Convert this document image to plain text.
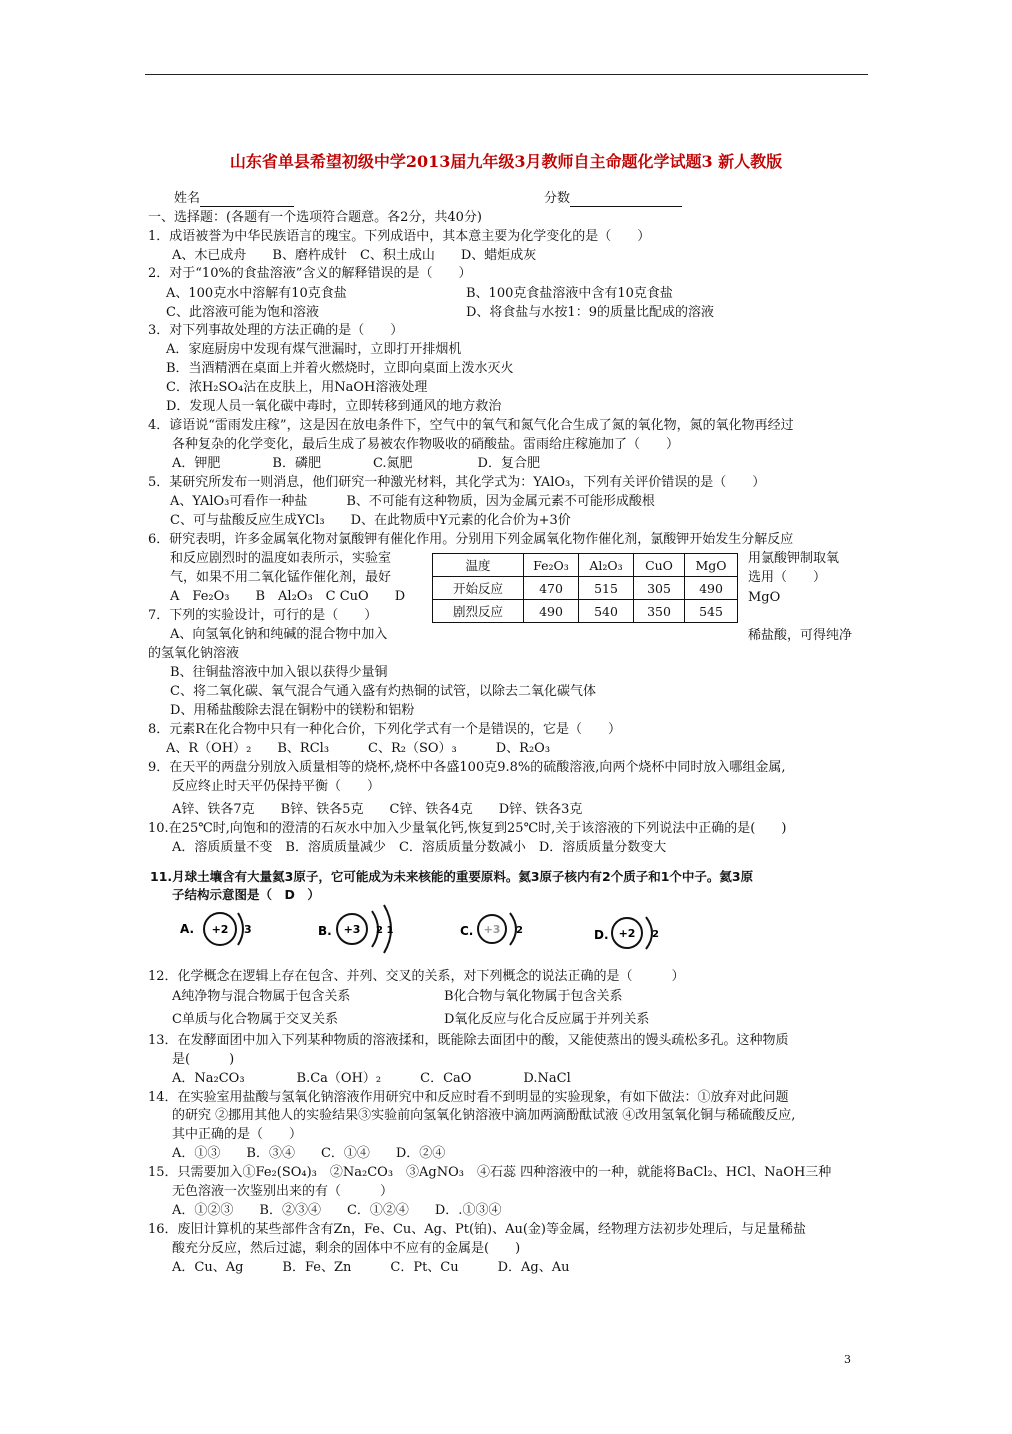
山东省单县希望初级中学2013届九年级3月教师自主命题化学试题3 新人教版
姓名	分数
一、选择题：(各题有一个选项符合题意。各2分，共40分)
1．成语被誉为中华民族语言的瑰宝。下列成语中，其本意主要为化学变化的是（　　）
A、木已成舟　　B、磨杵成针　C、积土成山　　D、蜡炬成灰
2．对于“10%的食盐溶液”含义的解释错误的是（　　）
A、100克水中溶解有10克食盐	B、100克食盐溶液中含有10克食盐
C、此溶液可能为饱和溶液	D、将食盐与水按1：9的质量比配成的溶液
3．对下列事故处理的方法正确的是（　　）
A．家庭厨房中发现有煤气泄漏时，立即打开排烟机
B．当酒精洒在桌面上并着火燃烧时，立即向桌面上泼水灭火
C．浓H₂SO₄沾在皮肤上，用NaOH溶液处理
D．发现人员一氧化碳中毒时，立即转移到通风的地方救治
4．谚语说“雷雨发庄稼”，这是因在放电条件下，空气中的氧气和氮气化合生成了氮的氧化物，氮的氧化物再经过
各种复杂的化学变化，最后生成了易被农作物吸收的硝酸盐。雷雨给庄稼施加了（　　）
A．钾肥　　　　B．磷肥　　　　C.氮肥　　　　　D．复合肥
5．某研究所发布一则消息，他们研究一种激光材料，其化学式为：YAlO₃，下列有关评价错误的是（　　）
A、YAlO₃可看作一种盐　　　B、不可能有这种物质，因为金属元素不可能形成酸根
C、可与盐酸反应生成YCl₃　　D、在此物质中Y元素的化合价为+3价
6．研究表明，许多金属氧化物对氯酸钾有催化作用。分别用下列金属氧化物作催化剂，氯酸钾开始发生分解反应
和反应剧烈时的温度如表所示，实验室	用氯酸钾制取氧
气，如果不用二氧化锰作催化剂，最好	选用（　　）
A　Fe₂O₃　　B　Al₂O₃　C CuO　　D	MgO
温度	Fe₂O₃	Al₂O₃	CuO	MgO
开始反应	470	515	305	490
剧烈反应	490	540	350	545
7．下列的实验设计，可行的是（　　）
A、向氢氧化钠和纯碱的混合物中加入	稀盐酸，可得纯净
的氢氧化钠溶液
B、往铜盐溶液中加入银以获得少量铜
C、将二氧化碳、氧气混合气通入盛有灼热铜的试管，以除去二氧化碳气体
D、用稀盐酸除去混在铜粉中的镁粉和铝粉
8．元素R在化合物中只有一种化合价，下列化学式有一个是错误的，它是（　　）
A、R（OH）₂　　B、RCl₃　　　C、R₂（SO）₃　　　D、R₂O₃
9．在天平的两盘分别放入质量相等的烧杯,烧杯中各盛100克9.8%的硫酸溶液,向两个烧杯中同时放入哪组金属,
反应终止时天平仍保持平衡（　　）
A锌、铁各7克　　B锌、铁各5克　　C锌、铁各4克　　D锌、铁各3克
10.在25℃时,向饱和的澄清的石灰水中加入少量氧化钙,恢复到25℃时,关于该溶液的下列说法中正确的是(　　)
A．溶质质量不变　B．溶质质量减少　C．溶质质量分数减小　D．溶质质量分数变大
11.月球土壤含有大量氦3原子，它可能成为未来核能的重要原料。氦3原子核内有2个质子和1个中子。氦3原
子结构示意图是（　D　）
A. +2 3	B. +3 2 1	C. +3 2	D. +2 2
12．化学概念在逻辑上存在包含、并列、交叉的关系，对下列概念的说法正确的是（　　　）
A纯净物与混合物属于包含关系	B化合物与氧化物属于包含关系
C单质与化合物属于交叉关系	D氧化反应与化合反应属于并列关系
13．在发酵面团中加入下列某种物质的溶液揉和，既能除去面团中的酸，又能使蒸出的馒头疏松多孔。这种物质
是(　　　)
A．Na₂CO₃　　　　B.Ca（OH）₂　　　C．CaO　　　　D.NaCl
14．在实验室用盐酸与氢氧化钠溶液作用研究中和反应时看不到明显的实验现象，有如下做法：①放弃对此问题
的研究 ②挪用其他人的实验结果③实验前向氢氧化钠溶液中滴加两滴酚酞试液 ④改用氢氧化铜与稀硫酸反应,
其中正确的是（　　）
A．①③　　B．③④　　C．①④　　D．②④
15．只需要加入①Fe₂(SO₄)₃　②Na₂CO₃　③AgNO₃　④石蕊 四种溶液中的一种，就能将BaCl₂、HCl、NaOH三种
无色溶液一次鉴别出来的有（　　　）
A．①②③　　B．②③④　　C．①②④　　D．.①③④
16．废旧计算机的某些部件含有Zn，Fe、Cu、Ag、Pt(铂)、Au(金)等金属，经物理方法初步处理后，与足量稀盐
酸充分反应，然后过滤，剩余的固体中不应有的金属是(　　)
A．Cu、Ag　　　B．Fe、Zn　　　C．Pt、Cu　　　D．Ag、Au
3
